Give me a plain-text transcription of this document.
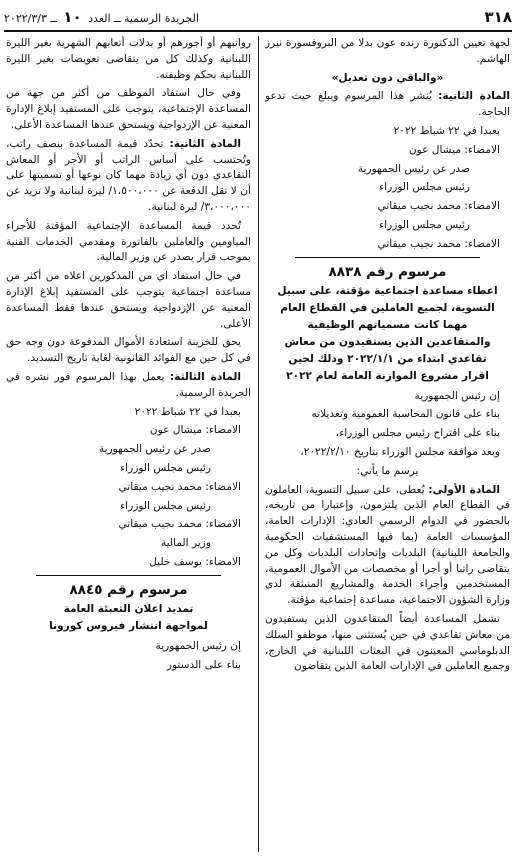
٣١٨
الجريدة الرسمية ــ العدد ١٠ ــ ٢٠٢٢/٣/٣

لجهة تعيين الدكتورة رنده عون بدلا من البروفسورة نيرز الهاشم.

«والباقي دون تعديل»

المادة الثانية: يُنشر هذا المرسوم ويبلغ حيث تدعو الحاجة.

بعبدا في ٢٢ شباط ٢٠٢٢

الامضاء: ميشال عون

صدر عن رئيس الجمهورية

رئيس مجلس الوزراء

الامضاء: محمد نجيب ميقاتي

رئيس مجلس الوزراء

الامضاء: محمد نجيب ميقاتي

مرسوم رقم ٨٨٣٨
اعطاء مساعدة اجتماعية مؤقتة، على سبيل
التسوية، لجميع العاملين في القطاع العام
مهما كانت مسمياتهم الوظيفية
والمتقاعدين الذين يستفيدون من معاش
تقاعدي ابتداء من ٢٠٢٢/١/١ وذلك لحين
اقرار مشروع الموازنة العامة لعام ٢٠٢٢

إن رئيس الجمهورية

بناء على قانون المحاسبة العمومية وتعديلاته

بناء على اقتراح رئيس مجلس الوزراء،

وبعد موافقة مجلس الوزراء بتاريخ ٢٠٢٢/٢/١٠،

يرسم ما يأتي:

المادة الأولى: يُعطى، على سبيل التسوية، العاملون في القطاع العام الذين يلتزمون، وإعتبارا من تاريخه، بالحضور في الدوام الرسمي العادي: الإدارات العامة، المؤسسات العامة (بما فيها المستشفيات الحكومية والجامعة اللبنانية) البلديات وإتحادات البلديات وكل من يتقاضى راتبا أو أجرا أو مخصصات من الأموال العمومية، المستخدمين وأجراء الخدمة والمشاريع المنبثقة لدى وزارة الشؤون الاجتماعية، مساعدة إجتماعية مؤقتة.

تشمل المساعدة أيضاً المتقاعدون الذين يستفيدون من معاش تقاعدي في حين يُستثنى منها، موظفو السلك الدبلوماسي المعينون في البعثات اللبنانية في الخارج، وجميع العاملين في الإدارات العامة الذين يتقاضون

رواتبهم أو أجورهم أو بدلات أتعابهم الشهرية بغير الليرة اللبنانية وكذلك كل من يتقاضى تعويضات بغير الليرة اللبنانية بحكم وظيفته.

وفي حال استفاد الموظف من أكثر من جهة من المساعدة الإجتماعية، يتوجب على المستفيد إبلاغ الإدارة المعنية عن الإزدواجية ويستحق عندها المساعدة الأعلى.

المادة الثانية: تحدّد قيمة المساعدة بنصف راتب، وتُحتسب على أساس الراتب أو الأجر أو المعاش التقاعدي دون أي زيادة مهما كان نوعها أو تسميتها على أن لا تقل الدفعة عن ١،٥٠٠،٠٠٠/ ليرة لبنانية ولا تزيد عن ٣،٠٠٠،٠٠٠/ ليرة لبنانية.

تُحدد قيمة المساعدة الإجتماعية المؤقتة للأجراء المياومين والعاملين بالفاتورة ومقدمي الخدمات الفنية بموجب قرار يصدر عن وزير المالية.

في حال استفاد اي من المذكورين اعلاه من أكثر من مساعدة اجتماعية يتوجب على المستفيد إبلاغ الإدارة المعنية عن الإزدواجية ويستحق عندها فقط المساعدة الأعلى.

يحق للخزينة استعادة الأموال المدفوعة دون وجه حق في كل حين مع الفوائد القانونية لغاية تاريخ التسديد.

المادة الثالثة: يعمل بهذا المرسوم فور نشره في الجريدة الرسمية.

بعبدا في ٢٢ شباط ٢٠٢٢

الامضاء: ميشال عون

صدر عن رئيس الجمهورية

رئيس مجلس الوزراء

الامضاء: محمد نجيب ميقاتي

رئيس مجلس الوزراء

الامضاء: محمد نجيب ميقاتي

وزير المالية

الامضاء: يوسف خليل

مرسوم رقم ٨٨٤٥
تمديد اعلان التعبئة العامة
لمواجهة انتشار فيروس كورونا

إن رئيس الجمهورية

بناء على الدستور
